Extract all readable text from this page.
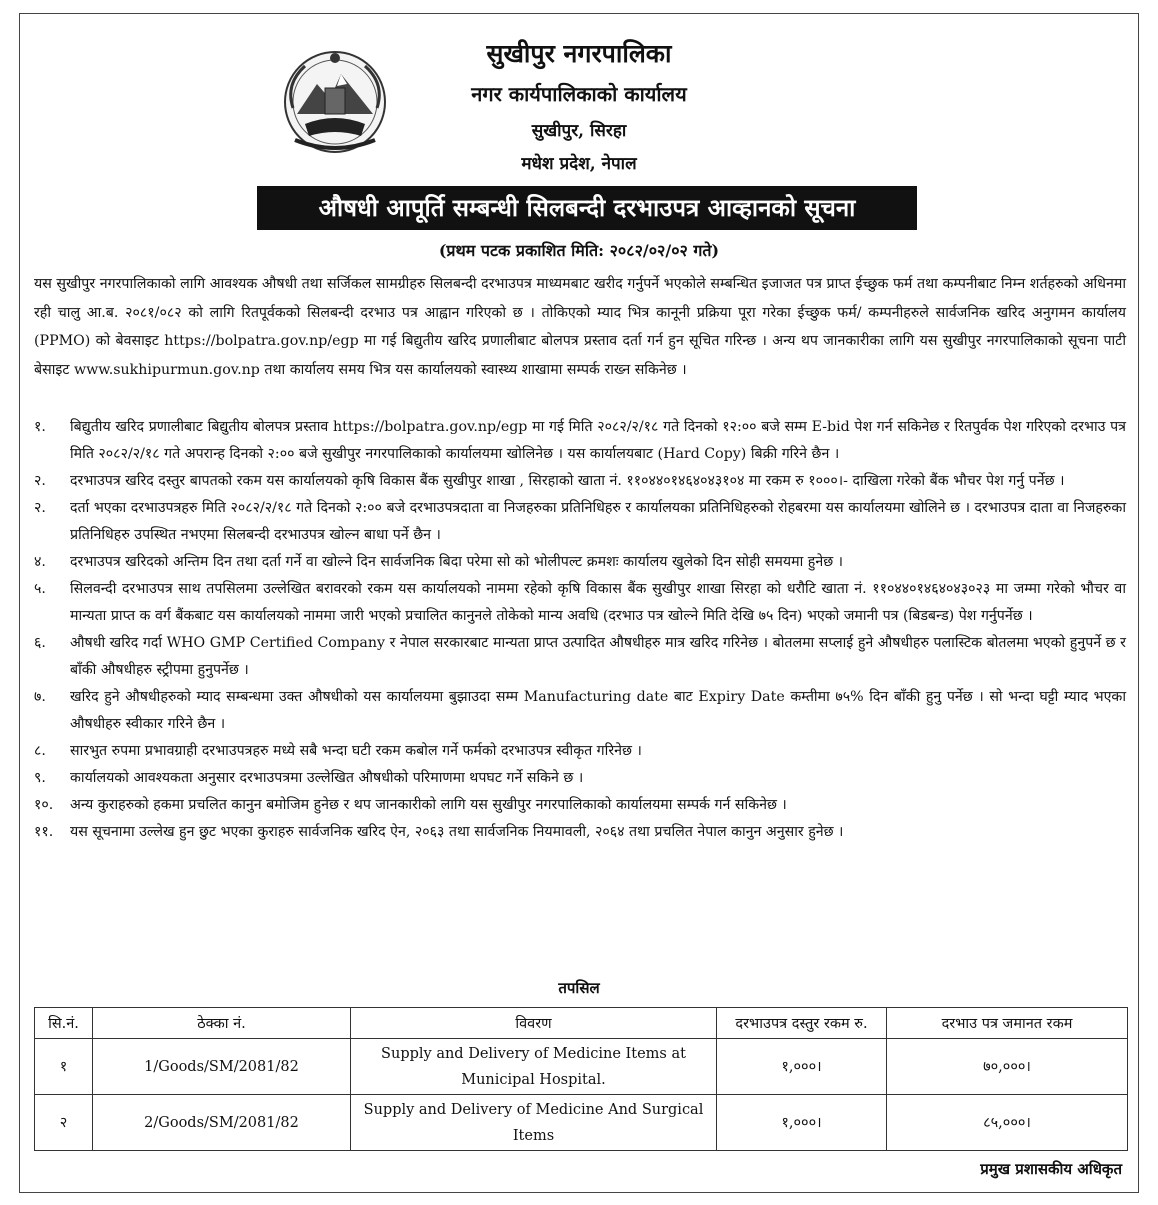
सुखीपुर नगरपालिका
नगर कार्यपालिकाको कार्यालय
सुखीपुर, सिरहा
मधेश प्रदेश, नेपाल
औषधी आपूर्ति सम्बन्धी सिलबन्दी दरभाउपत्र आव्हानको सूचना
(प्रथम पटक प्रकाशित मिति: २०८२/०२/०२ गते)
यस सुखीपुर नगरपालिकाको लागि आवश्यक औषधी तथा सर्जिकल सामग्रीहरु सिलबन्दी दरभाउपत्र माध्यमबाट खरीद गर्नुपर्ने भएकोले सम्बन्धित इजाजत पत्र प्राप्त ईच्छुक फर्म तथा कम्पनीबाट निम्न शर्तहरुको अधिनमा रही चालु आ.ब. २०८१/०८२ को लागि रितपूर्वकको सिलबन्दी दरभाउ पत्र आह्वान गरिएको छ । तोकिएको म्याद भित्र कानूनी प्रक्रिया पूरा गरेका ईच्छुक फर्म/ कम्पनीहरुले सार्वजनिक खरिद अनुगमन कार्यालय (PPMO) को बेवसाइट https://bolpatra.gov.np/egp मा गई बिद्युतीय खरिद प्रणालीबाट बोलपत्र प्रस्ताव दर्ता गर्न हुन सूचित गरिन्छ । अन्य थप जानकारीका लागि यस सुखीपुर नगरपालिकाको सूचना पाटी बेसाइट www.sukhipurmun.gov.np तथा कार्यालय समय भित्र यस कार्यालयको स्वास्थ्य शाखामा सम्पर्क राख्न सकिनेछ ।
१.	बिद्युतीय खरिद प्रणालीबाट बिद्युतीय बोलपत्र प्रस्ताव https://bolpatra.gov.np/egp मा गई मिति २०८२/२/१८ गते दिनको १२:०० बजे सम्म E-bid पेश गर्न सकिनेछ र रितपुर्वक पेश गरिएको दरभाउ पत्र मिति २०८२/२/१८ गते अपरान्ह दिनको २:०० बजे सुखीपुर नगरपालिकाको कार्यालयमा खोलिनेछ । यस कार्यालयबाट (Hard Copy) बिक्री गरिने छैन ।
२.	दरभाउपत्र खरिद दस्तुर बापतको रकम यस कार्यालयको कृषि विकास बैंक सुखीपुर शाखा , सिरहाको खाता नं. ११०४४०१४६४०४३१०४ मा रकम रु १०००।- दाखिला गरेको बैंक भौचर पेश गर्नु पर्नेछ ।
२.	दर्ता भएका दरभाउपत्रहरु मिति २०८२/२/१८ गते दिनको २:०० बजे दरभाउपत्रदाता वा निजहरुका प्रतिनिधिहरु र कार्यालयका प्रतिनिधिहरुको रोहबरमा यस कार्यालयमा खोलिने छ । दरभाउपत्र दाता वा निजहरुका प्रतिनिधिहरु उपस्थित नभएमा सिलबन्दी दरभाउपत्र खोल्न बाधा पर्ने छैन ।
४.	दरभाउपत्र खरिदको अन्तिम दिन तथा दर्ता गर्ने वा खोल्ने दिन सार्वजनिक बिदा परेमा सो को भोलीपल्ट क्रमशः कार्यालय खुलेको दिन सोही समयमा हुनेछ ।
५.	सिलवन्दी दरभाउपत्र साथ तपसिलमा उल्लेखित बरावरको रकम यस कार्यालयको नाममा रहेको कृषि विकास बैंक सुखीपुर शाखा सिरहा को धरौटि खाता नं. ११०४४०१४६४०४३०२३ मा जम्मा गरेको भौचर वा मान्यता प्राप्त क वर्ग बैंकबाट यस कार्यालयको नाममा जारी भएको प्रचालित कानुनले तोकेको मान्य अवधि (दरभाउ पत्र खोल्ने मिति देखि ७५ दिन) भएको जमानी पत्र (बिडबन्ड) पेश गर्नुपर्नेछ ।
६.	औषधी खरिद गर्दा WHO GMP Certified Company र नेपाल सरकारबाट मान्यता प्राप्त उत्पादित औषधीहरु मात्र खरिद गरिनेछ । बोतलमा सप्लाई हुने औषधीहरु पलास्टिक बोतलमा भएको हुनुपर्ने छ र बाँकी औषधीहरु स्ट्रीपमा हुनुपर्नेछ ।
७.	खरिद हुने औषधीहरुको म्याद सम्बन्धमा उक्त औषधीको यस कार्यालयमा बुझाउदा सम्म Manufacturing date बाट Expiry Date कम्तीमा ७५% दिन बाँकी हुनु पर्नेछ । सो भन्दा घट्टी म्याद भएका औषधीहरु स्वीकार गरिने छैन ।
८.	सारभुत रुपमा प्रभावग्राही दरभाउपत्रहरु मध्ये सबै भन्दा घटी रकम कबोल गर्ने फर्मको दरभाउपत्र स्वीकृत गरिनेछ ।
९.	कार्यालयको आवश्यकता अनुसार दरभाउपत्रमा उल्लेखित औषधीको परिमाणमा थपघट गर्ने सकिने छ ।
१०.	अन्य कुराहरुको हकमा प्रचलित कानुन बमोजिम हुनेछ र थप जानकारीको लागि यस सुखीपुर नगरपालिकाको कार्यालयमा सम्पर्क गर्न सकिनेछ ।
११.	यस सूचनामा उल्लेख हुन छुट भएका कुराहरु सार्वजनिक खरिद ऐन, २०६३ तथा सार्वजनिक नियमावली, २०६४ तथा प्रचलित नेपाल कानुन अनुसार हुनेछ ।
तपसिल
सि.नं.	ठेक्का नं.	विवरण	दरभाउपत्र दस्तुर रकम रु.	दरभाउ पत्र जमानत रकम
१	1/Goods/SM/2081/82	Supply and Delivery of Medicine Items at Municipal Hospital.	१,०००।	७०,०००।
२	2/Goods/SM/2081/82	Supply and Delivery of Medicine And Surgical Items	१,०००।	८५,०००।
प्रमुख प्रशासकीय अधिकृत
